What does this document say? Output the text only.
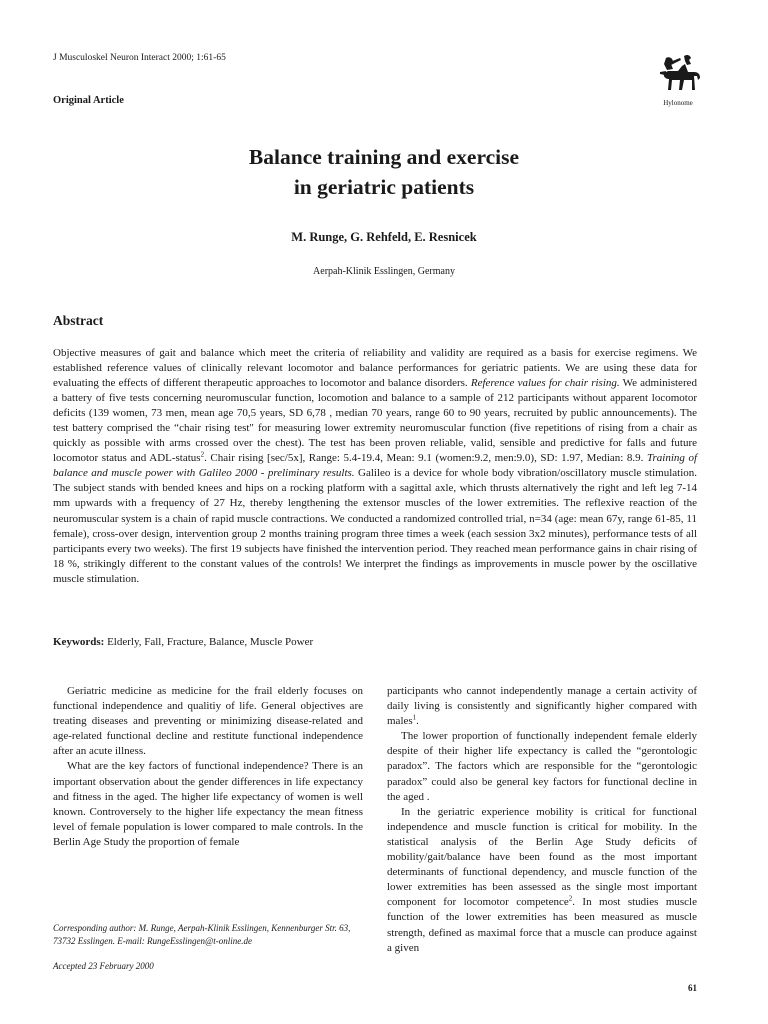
J Musculoskel Neuron Interact 2000; 1:61-65
Original Article	Hylonome
Balance training and exercise
in geriatric patients
M. Runge, G. Rehfeld, E. Resnicek
Aerpah-Klinik Esslingen, Germany
Abstract

Objective measures of gait and balance which meet the criteria of reliability and validity are required as a basis for exercise regimens. We established reference values of clinically relevant locomotor and balance performances for geriatric patients. We are using these data for evaluating the effects of different therapeutic approaches to locomotor and balance disorders. Reference values for chair rising. We administered a battery of five tests concerning neuromuscular function, locomotion and balance to a sample of 212 participants without apparent locomotor deficits (139 women, 73 men, mean age 70,5 years, SD 6,78 , median 70 years, range 60 to 90 years, recruited by public announcements). The test battery comprised the “chair rising test" for measuring lower extremity neuromuscular function (five repetitions of rising from a chair as quickly as possible with arms crossed over the chest). The test has been proven reliable, valid, sensible and predictive for falls and future locomotor status and ADL-status$^2$. Chair rising [sec/5x], Range: 5.4-19.4, Mean: 9.1 (women:9.2, men:9.0), SD: 1.97, Median: 8.9. Training of balance and muscle power with Galileo 2000 - preliminary results. Galileo is a device for whole body vibration/oscillatory muscle stimulation. The subject stands with bended knees and hips on a rocking platform with a sagittal axle, which thrusts alternatively the right and left leg 7-14 mm upwards with a frequency of 27 Hz, thereby lengthening the extensor muscles of the lower extremities. The reflexive reaction of the neuromuscular system is a chain of rapid muscle contractions. We conducted a randomized controlled trial, n=34 (age: mean 67y, range 61-85, 11 female), cross-over design, intervention group 2 months training program three times a week (each session 3x2 minutes), performance tests of all participants every two weeks). The first 19 subjects have finished the intervention period. They reached mean performance gains in chair rising of 18 %, strikingly different to the constant values of the controls! We interpret the findings as improvements in muscle power by the oscillative muscle stimulation.

Keywords: Elderly, Fall, Fracture, Balance, Muscle Power

Geriatric medicine as medicine for the frail elderly focuses on functional independence and qualitiy of life. General objectives are treating diseases and preventing or minimizing disease-related and age-related functional decline and restitute functional independence after an acute illness.

What are the key factors of functional independence? There is an important observation about the gender differences in life expectancy and fitness in the aged. The higher life expectancy of women is well known. Controversely to the higher life expectancy the mean fitness level of female population is lower compared to male controls. In the Berlin Age Study the proportion of female

participants who cannot independently manage a certain activity of daily living is consistently and significantly higher compared with males$^1$.

The lower proportion of functionally independent female elderly despite of their higher life expectancy is called the “gerontologic paradox”. The factors which are responsible for the “gerontologic paradox” could also be general key factors for functional decline in the aged .

In the geriatric experience mobility is critical for functional independence and muscle function is critical for mobility. In the statistical analysis of the Berlin Age Study deficits of mobility/gait/balance have been found as the most important determinants of functional dependency, and muscle function of the lower extremities has been assessed as the single most important component for locomotor competence$^2$. In most studies muscle function of the lower extremities has been measured as muscle strength, defined as maximal force that a muscle can produce against a given

Corresponding author: M. Runge, Aerpah-Klinik Esslingen, Kennenburger Str. 63, 73732 Esslingen. E-mail: RungeEsslingen@t-online.de

Accepted 23 February 2000
61
